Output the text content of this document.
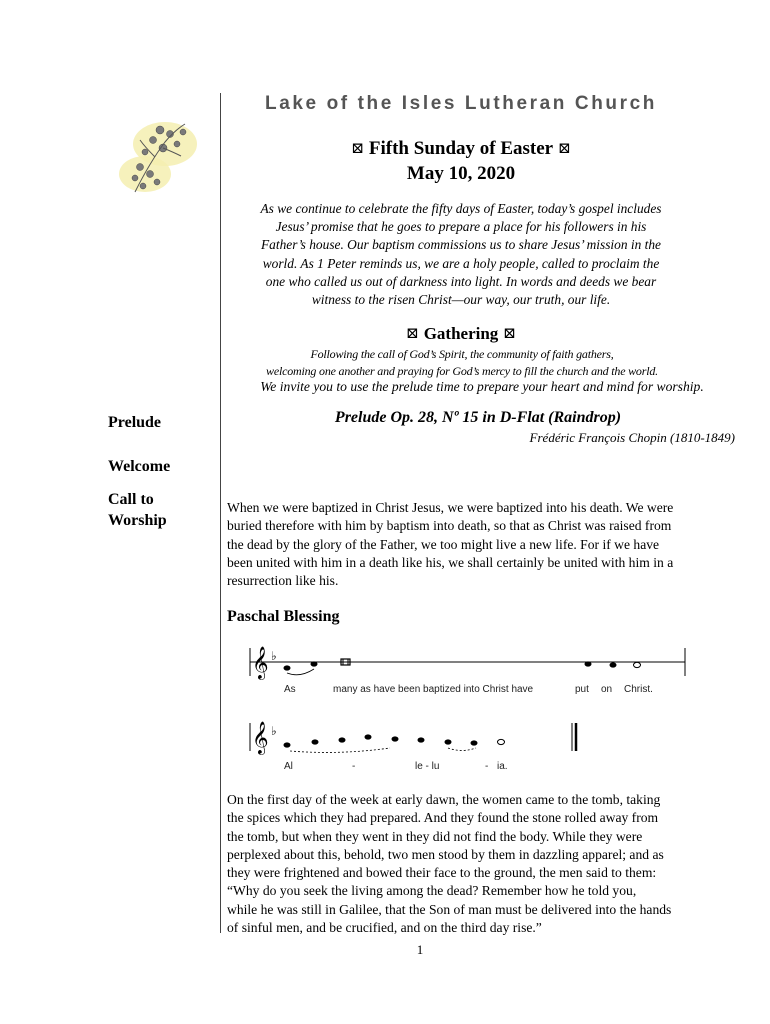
Lake of the Isles Lutheran Church
⊠ Fifth Sunday of Easter ⊠
May 10, 2020
As we continue to celebrate the fifty days of Easter, today’s gospel includes
Jesus’ promise that he goes to prepare a place for his followers in his
Father’s house. Our baptism commissions us to share Jesus’ mission in the
world. As 1 Peter reminds us, we are a holy people, called to proclaim the
one who called us out of darkness into light. In words and deeds we bear
witness to the risen Christ—our way, our truth, our life.
⊠ Gathering ⊠
Following the call of God’s Spirit, the community of faith gathers,
welcoming one another and praying for God’s mercy to fill the church and the world.
We invite you to use the prelude time to prepare your heart and mind for worship.
Prelude
Welcome
Call to
Worship
Prelude Op. 28, Nº 15 in D-Flat (Raindrop)
Frédéric François Chopin (1810-1849)
When we were baptized in Christ Jesus, we were baptized into his death. We were
buried therefore with him by baptism into death, so that as Christ was raised from
the dead by the glory of the Father, we too might live a new life. For if we have
been united with him in a death like his, we shall certainly be united with him in a
resurrection like his.
Paschal Blessing
𝄞 ♭
As	many as have been baptized into Christ have	put on Christ.
𝄞 ♭
Al	-	le - lu	- ia.
On the first day of the week at early dawn, the women came to the tomb, taking
the spices which they had prepared. And they found the stone rolled away from
the tomb, but when they went in they did not find the body. While they were
perplexed about this, behold, two men stood by them in dazzling apparel; and as
they were frightened and bowed their face to the ground, the men said to them:
“Why do you seek the living among the dead? Remember how he told you,
while he was still in Galilee, that the Son of man must be delivered into the hands
of sinful men, and be crucified, and on the third day rise.”
1
